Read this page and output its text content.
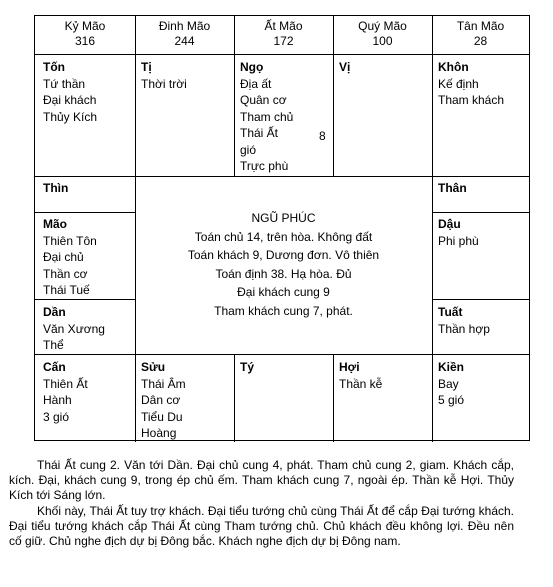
Kỷ Mão
316
Đinh Mão
244
Ất Mão
172
Quý Mão
100
Tân Mão
28
Tốn
Tứ thần
Đại khách
Thủy Kích
Tị
Thời trời
Ngọ
Địa ất
Quân cơ
Tham chủ
Thái Ất
gió
Trực phù
8
Vị	Khôn
Kế định
Tham khách
Thìn
Mão
Thiên Tôn
Đại chủ
Thần cơ
Thái Tuế
Dần
Văn Xương
Thể
Thân
Dậu
Phi phù
Tuất
Thần hợp
NGŨ PHÚC
Toán chủ 14, trên hòa. Không đất
Toán khách 9, Dương đơn. Vô thiên
Toán định 38. Hạ hòa. Đủ
Đại khách cung 9
Tham khách cung 7, phát.
Cấn
Thiên Ất
Hành
3 gió
Sửu
Thái Âm
Dân cơ
Tiểu Du
Hoàng
Tý	Hợi
Thần kễ
Kiền
Bay
5 gió

Thái Ất cung 2. Văn tới Dần. Đại chủ cung 4, phát. Tham chủ cung 2, giam. Khách cắp, kích. Đại, khách cung 9, trong ép chủ ếm. Tham khách cung 7, ngoài ép. Thần kễ Hợi. Thủy Kích tới Sáng lớn.

Khối này, Thái Ất tuy trợ khách. Đại tiểu tướng chủ cùng Thái Ất để cắp Đại tướng khách. Đại tiểu tướng khách cắp Thái Ất cùng Tham tướng chủ. Chủ khách đều không lợi. Đều nên cố giữ. Chủ nghe địch dự bị Đông bắc. Khách nghe địch dự bị Đông nam.
